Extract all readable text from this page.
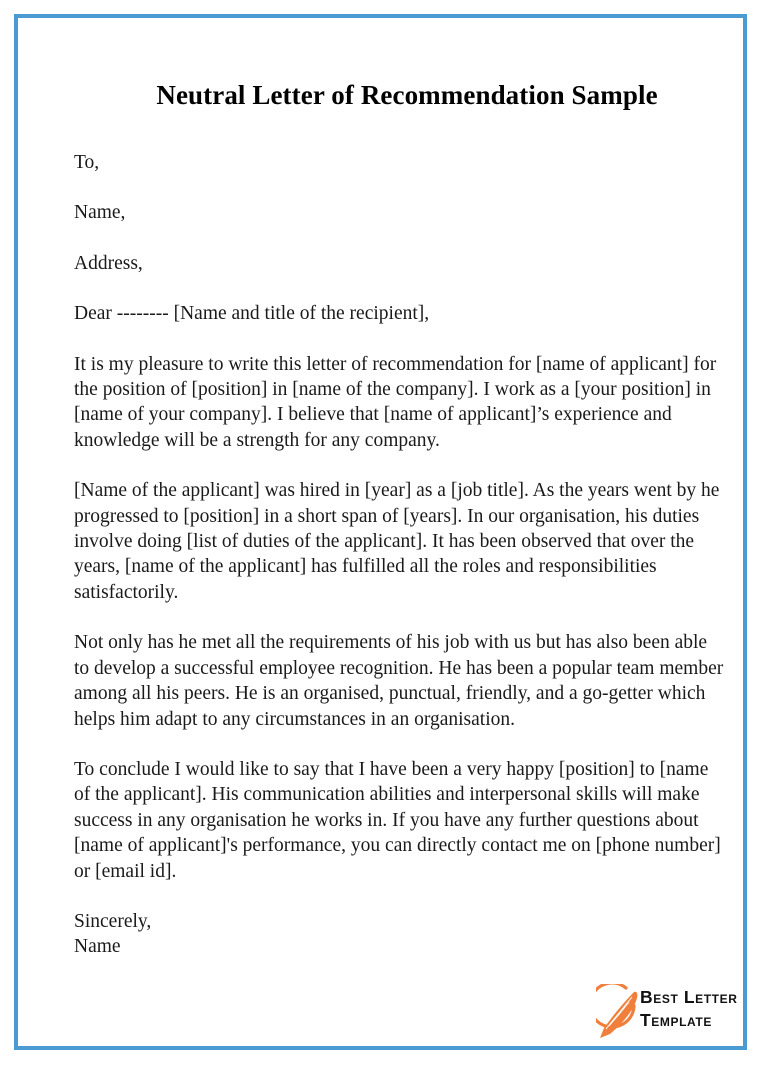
Neutral Letter of Recommendation Sample
To,
Name,
Address,
Dear -------- [Name and title of the recipient],

It is my pleasure to write this letter of recommendation for [name of applicant] for the position of [position] in [name of the company]. I work as a [your position] in [name of your company]. I believe that [name of applicant]’s experience and knowledge will be a strength for any company.

[Name of the applicant] was hired in [year] as a [job title]. As the years went by he progressed to [position] in a short span of [years]. In our organisation, his duties involve doing [list of duties of the applicant]. It has been observed that over the years, [name of the applicant] has fulfilled all the roles and responsibilities satisfactorily.

Not only has he met all the requirements of his job with us but has also been able to develop a successful employee recognition. He has been a popular team member among all his peers. He is an organised, punctual, friendly, and a go-getter which helps him adapt to any circumstances in an organisation.

To conclude I would like to say that I have been a very happy [position] to [name of the applicant]. His communication abilities and interpersonal skills will make success in any organisation he works in. If you have any further questions about [name of applicant]'s performance, you can directly contact me on [phone number] or [email id].

Sincerely,
Name
Best Letter Template
